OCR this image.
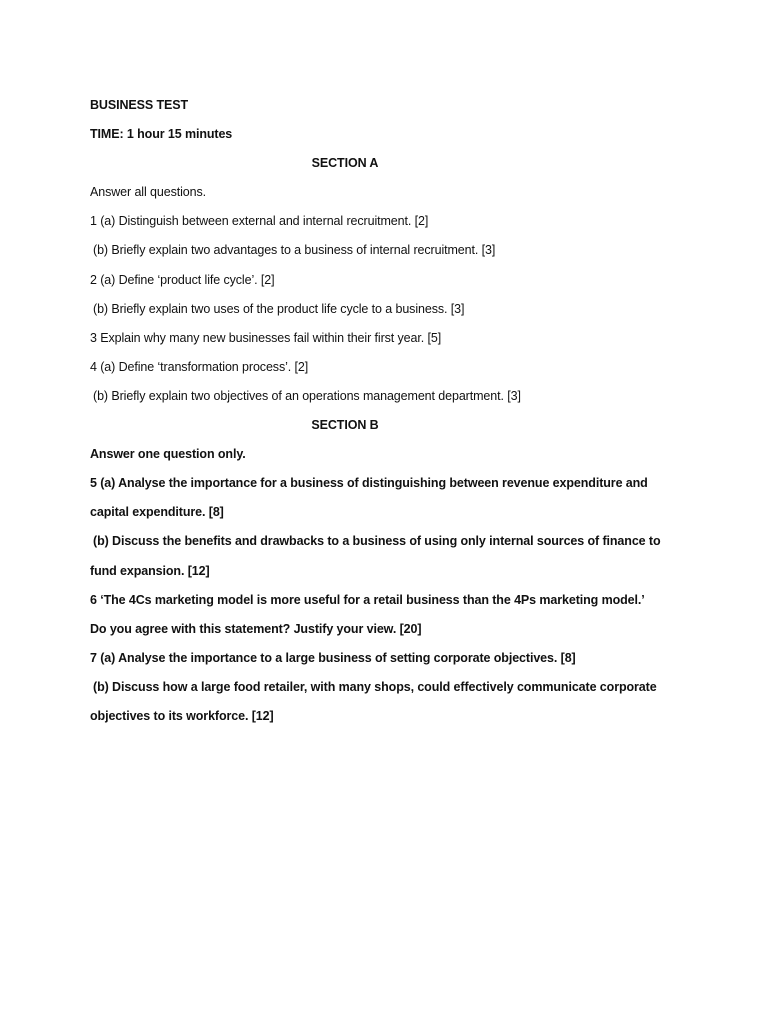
BUSINESS TEST
TIME: 1 hour 15 minutes
SECTION A
Answer all questions.
1 (a) Distinguish between external and internal recruitment. [2]
(b) Briefly explain two advantages to a business of internal recruitment. [3]
2 (a) Define ‘product life cycle’. [2]
(b) Briefly explain two uses of the product life cycle to a business. [3]
3 Explain why many new businesses fail within their first year. [5]
4 (a) Define ‘transformation process’. [2]
(b) Briefly explain two objectives of an operations management department. [3]
SECTION B
Answer one question only.
5 (a) Analyse the importance for a business of distinguishing between revenue expenditure and
capital expenditure. [8]
(b) Discuss the benefits and drawbacks to a business of using only internal sources of finance to
fund expansion. [12]
6 ‘The 4Cs marketing model is more useful for a retail business than the 4Ps marketing model.’
Do you agree with this statement? Justify your view. [20]
7 (a) Analyse the importance to a large business of setting corporate objectives. [8]
(b) Discuss how a large food retailer, with many shops, could effectively communicate corporate
objectives to its workforce. [12]
